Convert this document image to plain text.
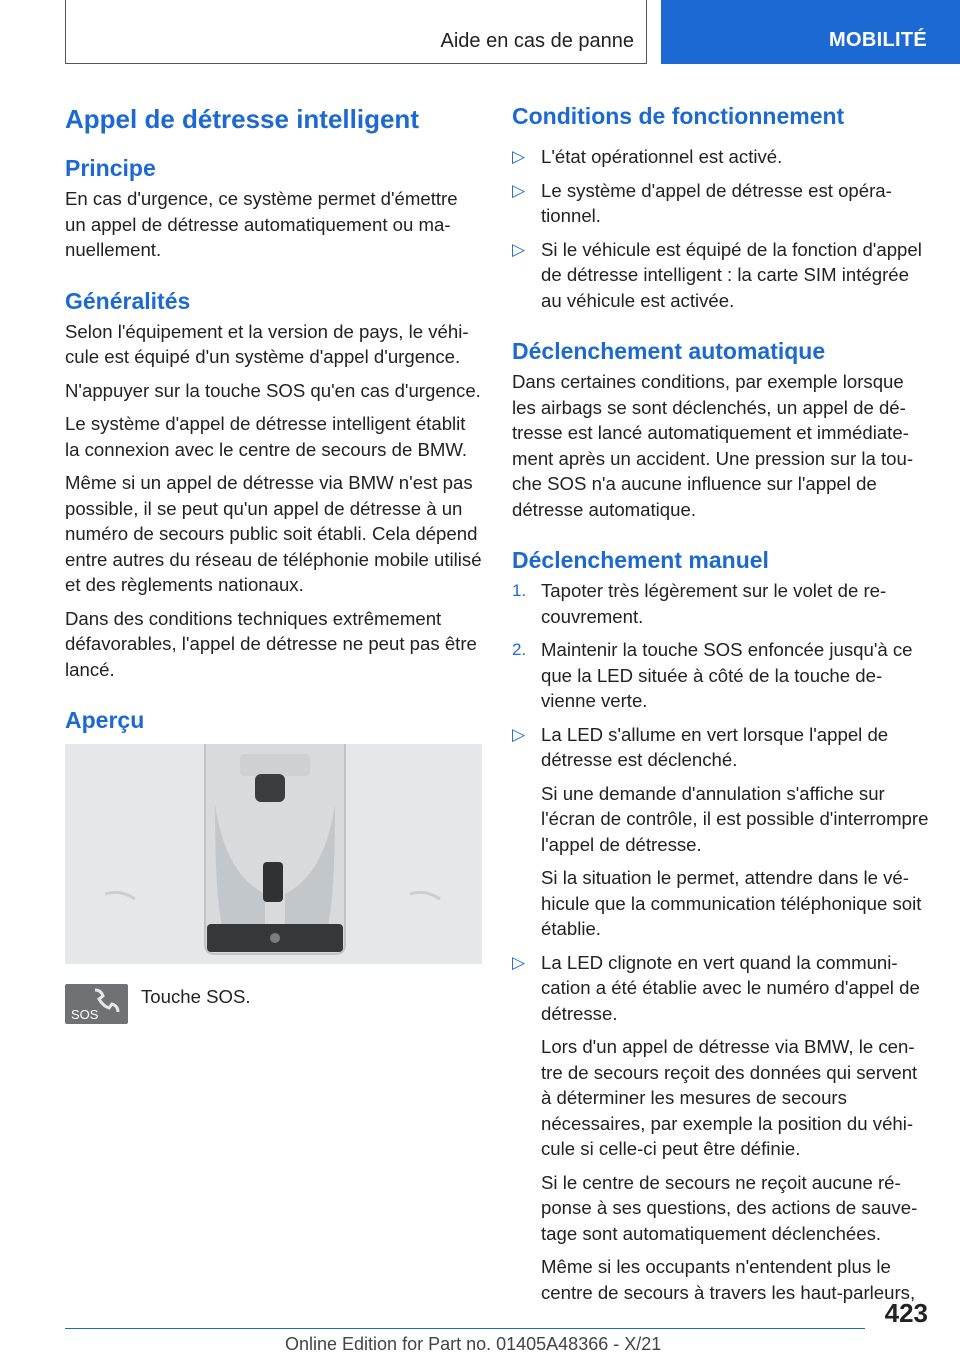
Aide en cas de panne	MOBILITÉ
Appel de détresse intelligent
Principe

En cas d'urgence, ce système permet d'émettre un appel de détresse automatiquement ou manuellement.

Généralités

Selon l'équipement et la version de pays, le véhicule est équipé d'un système d'appel d'urgence.

N'appuyer sur la touche SOS qu'en cas d'urgence.

Le système d'appel de détresse intelligent établit la connexion avec le centre de secours de BMW.

Même si un appel de détresse via BMW n'est pas possible, il se peut qu'un appel de détresse à un numéro de secours public soit établi. Cela dépend entre autres du réseau de téléphonie mobile utilisé et des règlements nationaux.

Dans des conditions techniques extrêmement défavorables, l'appel de détresse ne peut pas être lancé.

Aperçu
SOS
Touche SOS.
Conditions de fonctionnement
▷ L'état opérationnel est activé.
▷ Le système d'appel de détresse est opérationnel.
▷ Si le véhicule est équipé de la fonction d'appel de détresse intelligent : la carte SIM intégrée au véhicule est activée.
Déclenchement automatique

Dans certaines conditions, par exemple lorsque les airbags se sont déclenchés, un appel de détresse est lancé automatiquement et immédiatement après un accident. Une pression sur la touche SOS n'a aucune influence sur l'appel de détresse automatique.

Déclenchement manuel
1. Tapoter très légèrement sur le volet de recouvrement.
2. Maintenir la touche SOS enfoncée jusqu'à ce que la LED située à côté de la touche devienne verte.
▷ La LED s'allume en vert lorsque l'appel de détresse est déclenché.

Si une demande d'annulation s'affiche sur l'écran de contrôle, il est possible d'interrompre l'appel de détresse.

Si la situation le permet, attendre dans le véhicule que la communication téléphonique soit établie.

▷ La LED clignote en vert quand la communication a été établie avec le numéro d'appel de détresse.

Lors d'un appel de détresse via BMW, le centre de secours reçoit des données qui servent à déterminer les mesures de secours nécessaires, par exemple la position du véhicule si celle-ci peut être définie.

Si le centre de secours ne reçoit aucune réponse à ses questions, des actions de sauvetage sont automatiquement déclenchées.

Même si les occupants n'entendent plus le centre de secours à travers les haut-parleurs,

423
Online Edition for Part no. 01405A48366 - X/21
